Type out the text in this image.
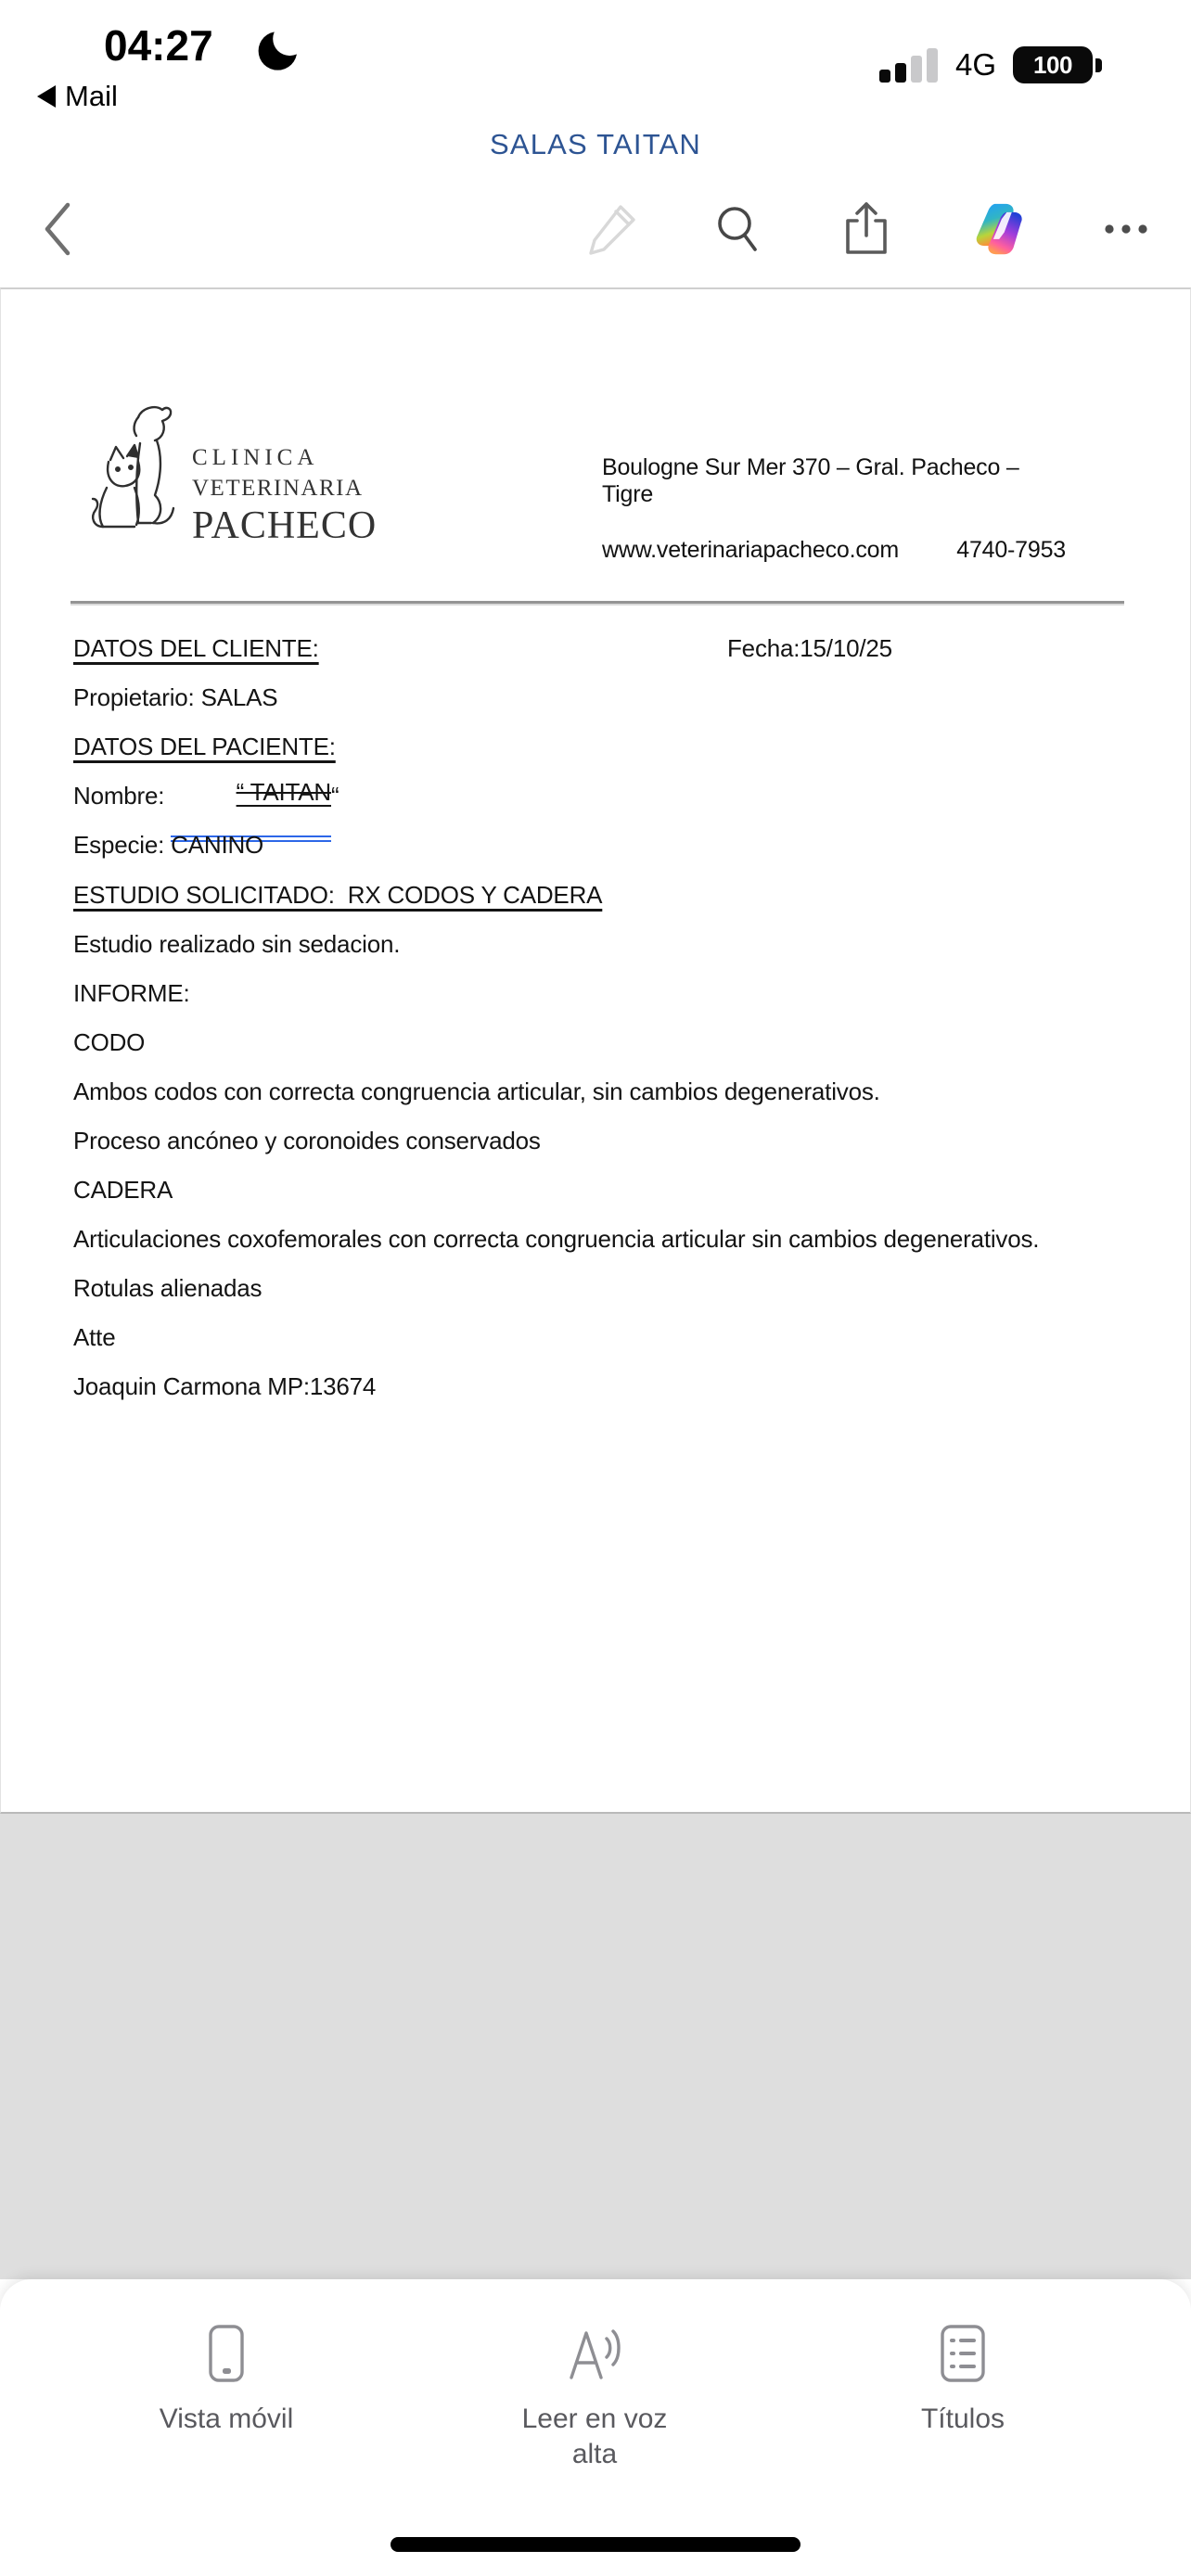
04:27
Mail
4G 100
SALAS TAITAN
CLINICA
VETERINARIA
PACHECO
Boulogne Sur Mer 370 – Gral. Pacheco – Tigre
www.veterinariapacheco.com 4740-7953

DATOS DEL CLIENTE:	Fecha:15/10/25

Propietario: SALAS

DATOS DEL PACIENTE:

Nombre:	“ TAITAN
“

Especie: CANINO

ESTUDIO SOLICITADO:  RX CODOS Y CADERA

Estudio realizado sin sedacion.

INFORME:

CODO

Ambos codos con correcta congruencia articular, sin cambios degenerativos.

Proceso ancóneo y coronoides conservados

CADERA

Articulaciones coxofemorales con correcta congruencia articular sin cambios degenerativos.

Rotulas alienadas

Atte

Joaquin Carmona MP:13674

Vista móvil	Leer en voz alta
Títulos
